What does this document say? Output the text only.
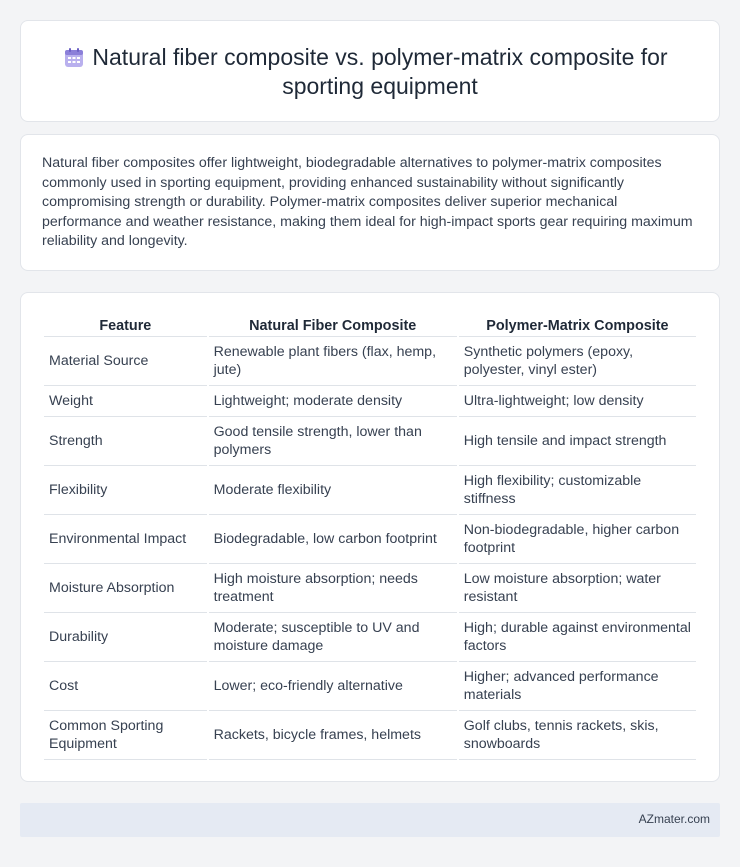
Natural fiber composite vs. polymer-matrix composite for sporting equipment

Natural fiber composites offer lightweight, biodegradable alternatives to polymer-matrix composites commonly used in sporting equipment, providing enhanced sustainability without significantly compromising strength or durability. Polymer-matrix composites deliver superior mechanical performance and weather resistance, making them ideal for high-impact sports gear requiring maximum reliability and longevity.

Feature	Natural Fiber Composite	Polymer-Matrix Composite
Material Source	Renewable plant fibers (flax, hemp, jute)	Synthetic polymers (epoxy, polyester, vinyl ester)
Weight	Lightweight; moderate density	Ultra-lightweight; low density
Strength	Good tensile strength, lower than polymers	High tensile and impact strength
Flexibility	Moderate flexibility	High flexibility; customizable stiffness
Environmental Impact	Biodegradable, low carbon footprint	Non-biodegradable, higher carbon footprint
Moisture Absorption	High moisture absorption; needs treatment	Low moisture absorption; water resistant
Durability	Moderate; susceptible to UV and moisture damage	High; durable against environmental factors
Cost	Lower; eco-friendly alternative	Higher; advanced performance materials
Common Sporting Equipment	Rackets, bicycle frames, helmets	Golf clubs, tennis rackets, skis, snowboards
AZmater.com
